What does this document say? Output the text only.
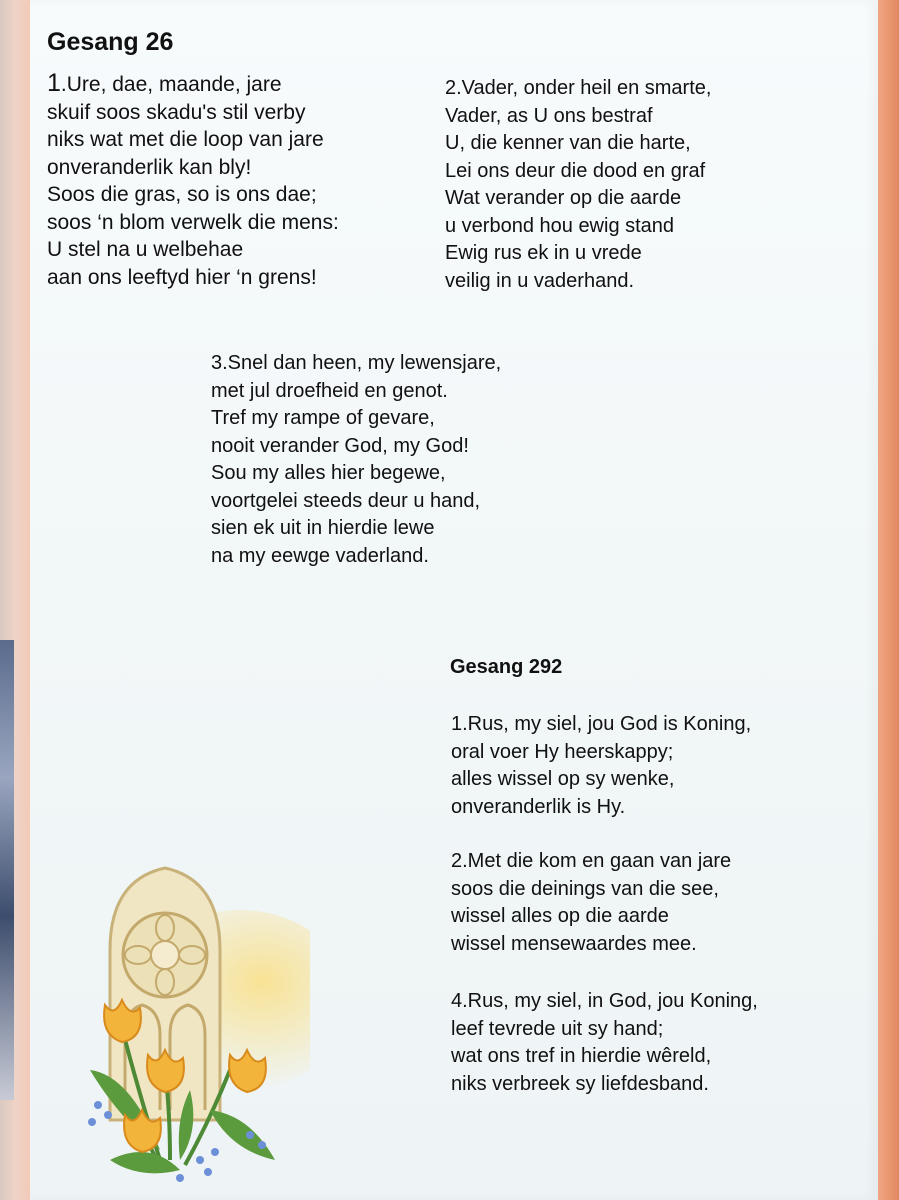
Gesang 26
1.Ure, dae, maande, jare
skuif soos skadu's stil verby
niks wat met die loop van jare
onveranderlik kan bly!
Soos die gras, so is ons dae;
soos ‘n blom verwelk die mens:
U stel na u welbehae
aan ons leeftyd hier ‘n grens!
2.Vader, onder heil en smarte,
Vader, as U ons bestraf
U, die kenner van die harte,
Lei ons deur die dood en graf
Wat verander op die aarde
u verbond hou ewig stand
Ewig rus ek in u vrede
veilig in u vaderhand.
3.Snel dan heen, my lewensjare,
met jul droefheid en genot.
Tref my rampe of gevare,
nooit verander God, my God!
Sou my alles hier begewe,
voortgelei steeds deur u hand,
sien ek uit in hierdie lewe
na my eewge vaderland.
Gesang 292
1.Rus, my siel, jou God is Koning,
oral voer Hy heerskappy;
alles wissel op sy wenke,
onveranderlik is Hy.
2.Met die kom en gaan van jare
soos die deinings van die see,
wissel alles op die aarde
wissel mensewaardes mee.
4.Rus, my siel, in God, jou Koning,
leef tevrede uit sy hand;
wat ons tref in hierdie wêreld,
niks verbreek sy liefdesband.
